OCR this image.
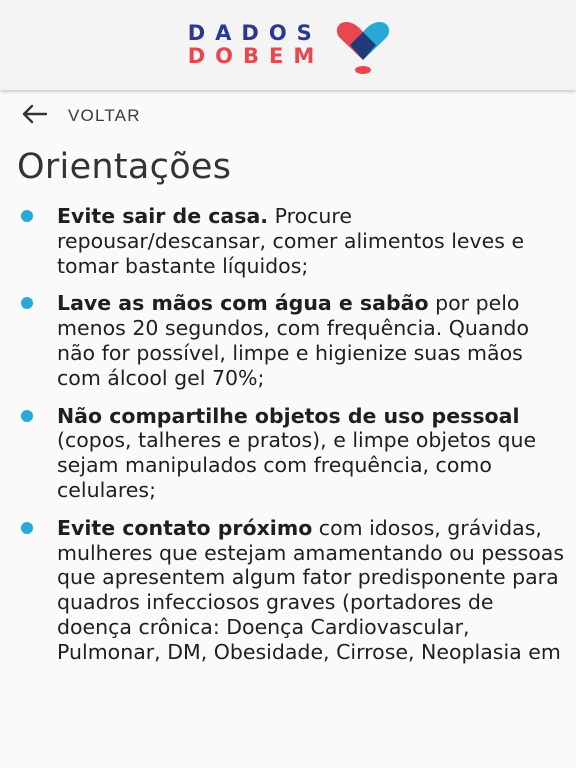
DADOS
DOBEM
VOLTAR
Orientações

Evite sair de casa. Procure repousar/descansar, comer alimentos leves e tomar bastante líquidos;

Lave as mãos com água e sabão por pelo menos 20 segundos, com frequência. Quando não for possível, limpe e higienize suas mãos com álcool gel 70%;

Não compartilhe objetos de uso pessoal (copos, talheres e pratos), e limpe objetos que sejam manipulados com frequência, como celulares;

Evite contato próximo com idosos, grávidas, mulheres que estejam amamentando ou pessoas que apresentem algum fator predisponente para quadros infecciosos graves (portadores de doença crônica: Doença Cardiovascular, Pulmonar, DM, Obesidade, Cirrose, Neoplasia em
